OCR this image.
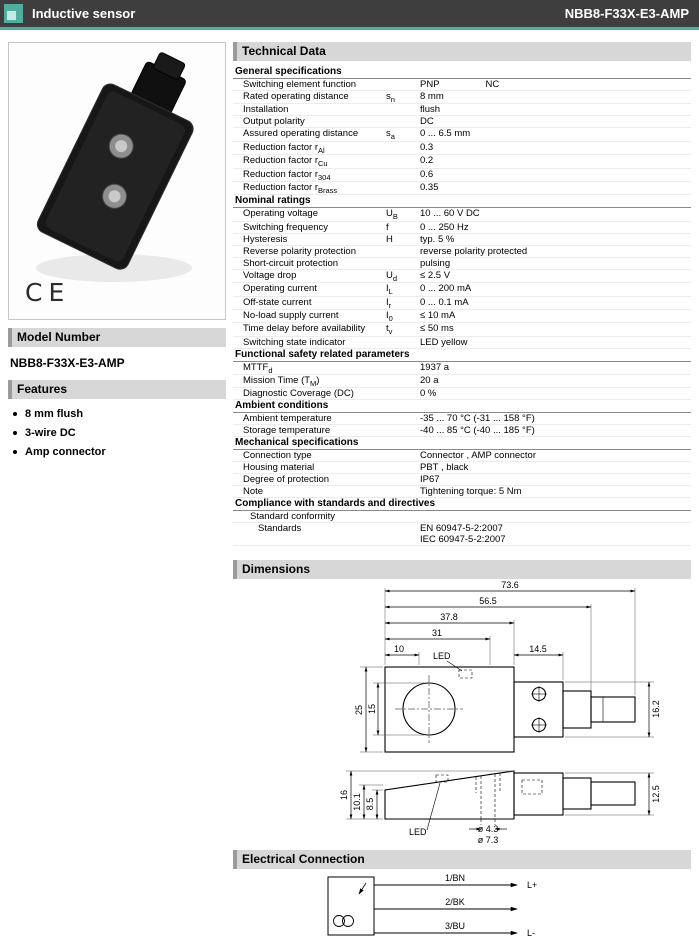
Inductive sensor	NBB8-F33X-E3-AMP
CE
Model Number
NBB8-F33X-E3-AMP
Features
8 mm flush
3-wire DC
Amp connector
Technical Data
General specifications
Switching element function	PNP	NC
Rated operating distance	$s_n$	8 mm
Installation	flush
Output polarity	DC
Assured operating distance	$s_a$	0 ... 6.5 mm
Reduction factor $r_{Al}$	0.3
Reduction factor $r_{Cu}$	0.2
Reduction factor $r_{304}$	0.6
Reduction factor $r_{Brass}$	0.35
Nominal ratings
Operating voltage	$U_B$	10 ... 60 V DC
Switching frequency	f	0 ... 250 Hz
Hysteresis	H	typ. 5 %
Reverse polarity protection	reverse polarity protected
Short-circuit protection	pulsing
Voltage drop	$U_d$	≤ 2.5 V
Operating current	$I_L$	0 ... 200 mA
Off-state current	$I_r$	0 ... 0.1 mA
No-load supply current	$I_0$	≤ 10 mA
Time delay before availability	$t_v$	≤ 50 ms
Switching state indicator	LED yellow
Functional safety related parameters
$MTTF_d$	1937 a
Mission Time $(T_M)$	20 a
Diagnostic Coverage (DC)	0 %
Ambient conditions
Ambient temperature	-35 ... 70 °C (-31 ... 158 °F)
Storage temperature	-40 ... 85 °C (-40 ... 185 °F)
Mechanical specifications
Connection type	Connector , AMP connector
Housing material	PBT , black
Degree of protection	IP67
Note	Tightening torque: 5 Nm
Compliance with standards and directives
Standard conformity
Standards	EN 60947-5-2:2007
IEC 60947-5-2:2007
Dimensions
73.6
56.5
37.8
31
10	14.5
LED
25 15	16.2
16 10.1 8.5
12.5
LED	ø 4.3
ø 7.3
Electrical Connection
1/BN
L+
2/BK
3/BU
L-
